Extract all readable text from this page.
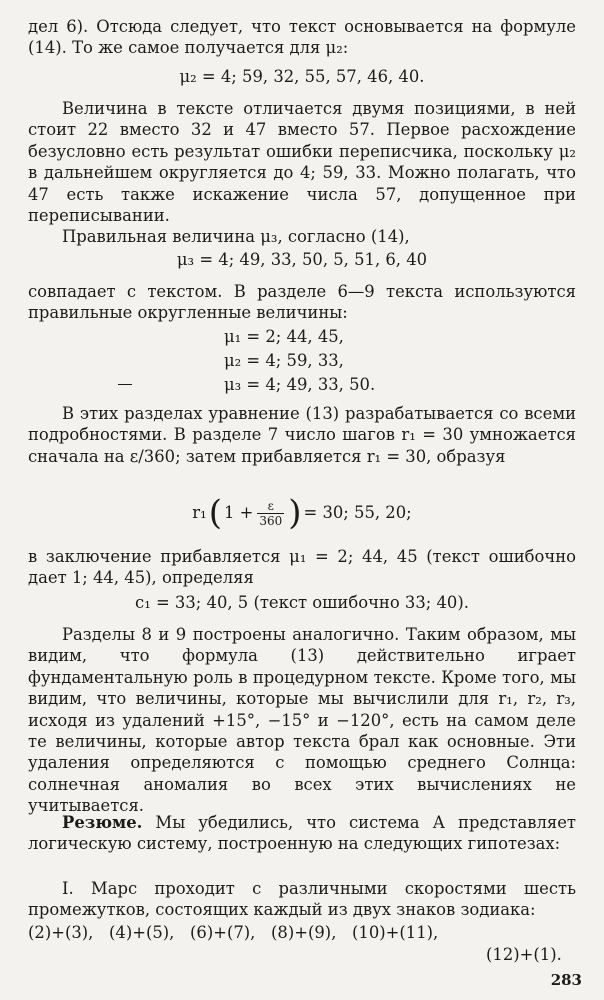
дел 6). Отсюда следует, что текст основывается на формуле (14). То же самое получается для μ₂:

μ₂ = 4; 59, 32, 55, 57, 46, 40.

Величина в тексте отличается двумя позициями, в ней стоит 22 вместо 32 и 47 вместо 57. Первое расхождение безусловно есть результат ошибки переписчика, поскольку μ₂ в дальнейшем округляется до 4; 59, 33. Можно полагать, что 47 есть также искажение числа 57, допущенное при переписывании.

Правильная величина μ₃, согласно (14),

μ₃ = 4; 49, 33, 50, 5, 51, 6, 40

совпадает с текстом. В разделе 6—9 текста используются правильные округленные величины:

μ₁ = 2; 44, 45,

μ₂ = 4; 59, 33,

μ₃ = 4; 49, 33, 50.

В этих разделах уравнение (13) разрабатывается со всеми подробностями. В разделе 7 число шагов r₁ = 30 умножается сначала на ε/360; затем прибавляется r₁ = 30, образуя

r₁ ( $1 + \frac{\varepsilon}{360}$ ) = 30; 55, 20;

в заключение прибавляется μ₁ = 2; 44, 45 (текст ошибочно дает 1; 44, 45), определяя

c₁ = 33; 40, 5 (текст ошибочно 33; 40).

Разделы 8 и 9 построены аналогично. Таким образом, мы видим, что формула (13) действительно играет фундаментальную роль в процедурном тексте. Кроме того, мы видим, что величины, которые мы вычислили для r₁, r₂, r₃, исходя из удалений +15°, −15° и −120°, есть на самом деле те величины, которые автор текста брал как основные. Эти удаления определяются с помощью среднего Солнца: солнечная аномалия во всех этих вычислениях не учитывается.

Резюме. Мы убедились, что система А представляет логическую систему, построенную на следующих гипотезах:

I. Марс проходит с различными скоростями шесть промежутков, состоящих каждый из двух знаков зодиака:

(2)+(3),   (4)+(5),   (6)+(7),   (8)+(9),   (10)+(11),

(12)+(1).

283
